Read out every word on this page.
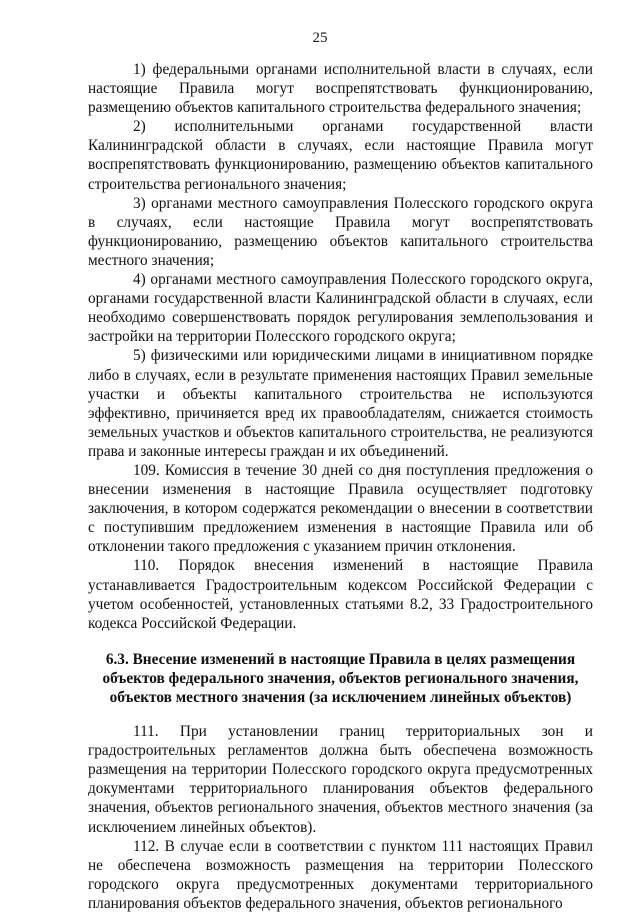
25

1) федеральными органами исполнительной власти в случаях, если настоящие Правила могут воспрепятствовать функционированию, размещению объектов капитального строительства федерального значения;

2) исполнительными органами государственной власти Калининградской области в случаях, если настоящие Правила могут воспрепятствовать функционированию, размещению объектов капитального строительства регионального значения;

3) органами местного самоуправления Полесского городского округа в случаях, если настоящие Правила могут воспрепятствовать функционированию, размещению объектов капитального строительства местного значения;

4) органами местного самоуправления Полесского городского округа, органами государственной власти Калининградской области в случаях, если необходимо совершенствовать порядок регулирования землепользования и застройки на территории Полесского городского округа;

5) физическими или юридическими лицами в инициативном порядке либо в случаях, если в результате применения настоящих Правил земельные участки и объекты капитального строительства не используются эффективно, причиняется вред их правообладателям, снижается стоимость земельных участков и объектов капитального строительства, не реализуются права и законные интересы граждан и их объединений.

109. Комиссия в течение 30 дней со дня поступления предложения о внесении изменения в настоящие Правила осуществляет подготовку заключения, в котором содержатся рекомендации о внесении в соответствии с поступившим предложением изменения в настоящие Правила или об отклонении такого предложения с указанием причин отклонения.

110. Порядок внесения изменений в настоящие Правила устанавливается Градостроительным кодексом Российской Федерации с учетом особенностей, установленных статьями 8.2, 33 Градостроительного кодекса Российской Федерации.

6.3. Внесение изменений в настоящие Правила в целях размещения
объектов федерального значения, объектов регионального значения,
объектов местного значения (за исключением линейных объектов)

111. При установлении границ территориальных зон и градостроительных регламентов должна быть обеспечена возможность размещения на территории Полесского городского округа предусмотренных документами территориального планирования объектов федерального значения, объектов регионального значения, объектов местного значения (за исключением линейных объектов).

112. В случае если в соответствии с пунктом 111 настоящих Правил не обеспечена возможность размещения на территории Полесского городского округа предусмотренных документами территориального планирования объектов федерального значения, объектов регионального
